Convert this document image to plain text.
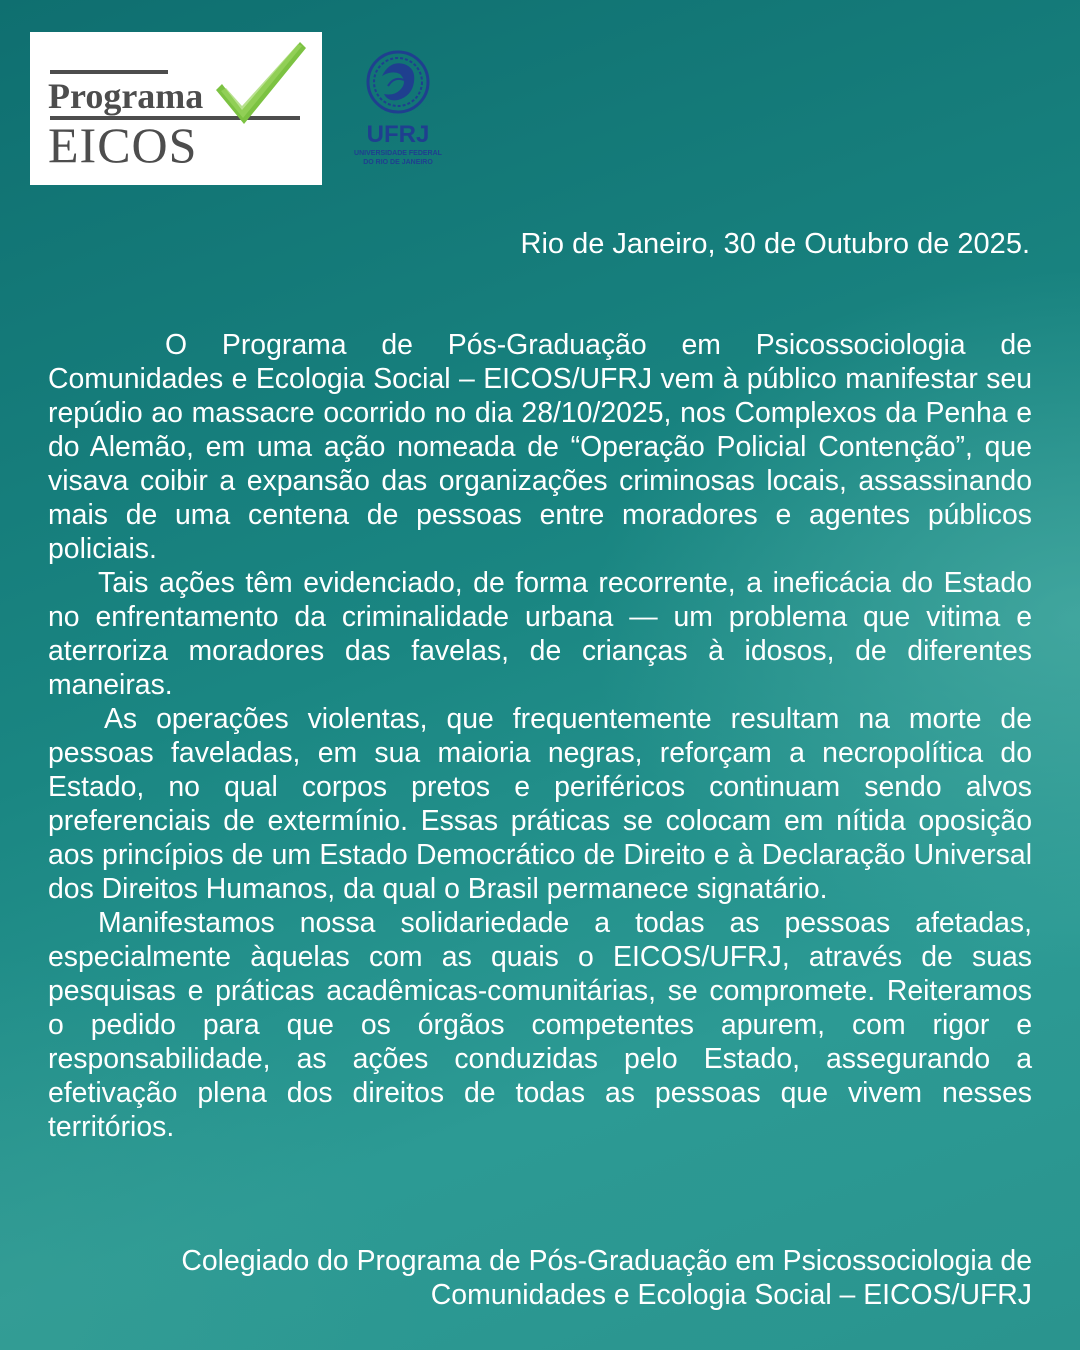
Programa
EICOS	UFRJ
UNIVERSIDADE FEDERAL
DO RIO DE JANEIRO
Rio de Janeiro, 30 de Outubro de 2025.

O Programa de Pós-Graduação em Psicossociologia de Comunidades e Ecologia Social – EICOS/UFRJ vem à público manifestar seu repúdio ao massacre ocorrido no dia 28/10/2025, nos Complexos da Penha e do Alemão, em uma ação nomeada de “Operação Policial Contenção”, que visava coibir a expansão das organizações criminosas locais, assassinando mais de uma centena de pessoas entre moradores e agentes públicos policiais.

Tais ações têm evidenciado, de forma recorrente, a ineficácia do Estado no enfrentamento da criminalidade urbana — um problema que vitima e aterroriza moradores das favelas, de crianças à idosos, de diferentes maneiras.

As operações violentas, que frequentemente resultam na morte de pessoas faveladas, em sua maioria negras, reforçam a necropolítica do Estado, no qual corpos pretos e periféricos continuam sendo alvos preferenciais de extermínio. Essas práticas se colocam em nítida oposição aos princípios de um Estado Democrático de Direito e à Declaração Universal dos Direitos Humanos, da qual o Brasil permanece signatário.

Manifestamos nossa solidariedade a todas as pessoas afetadas, especialmente àquelas com as quais o EICOS/UFRJ, através de suas pesquisas e práticas acadêmicas-comunitárias, se compromete. Reiteramos o pedido para que os órgãos competentes apurem, com rigor e responsabilidade, as ações conduzidas pelo Estado, assegurando a efetivação plena dos direitos de todas as pessoas que vivem nesses territórios.

Colegiado do Programa de Pós-Graduação em Psicossociologia de

Comunidades e Ecologia Social – EICOS/UFRJ
